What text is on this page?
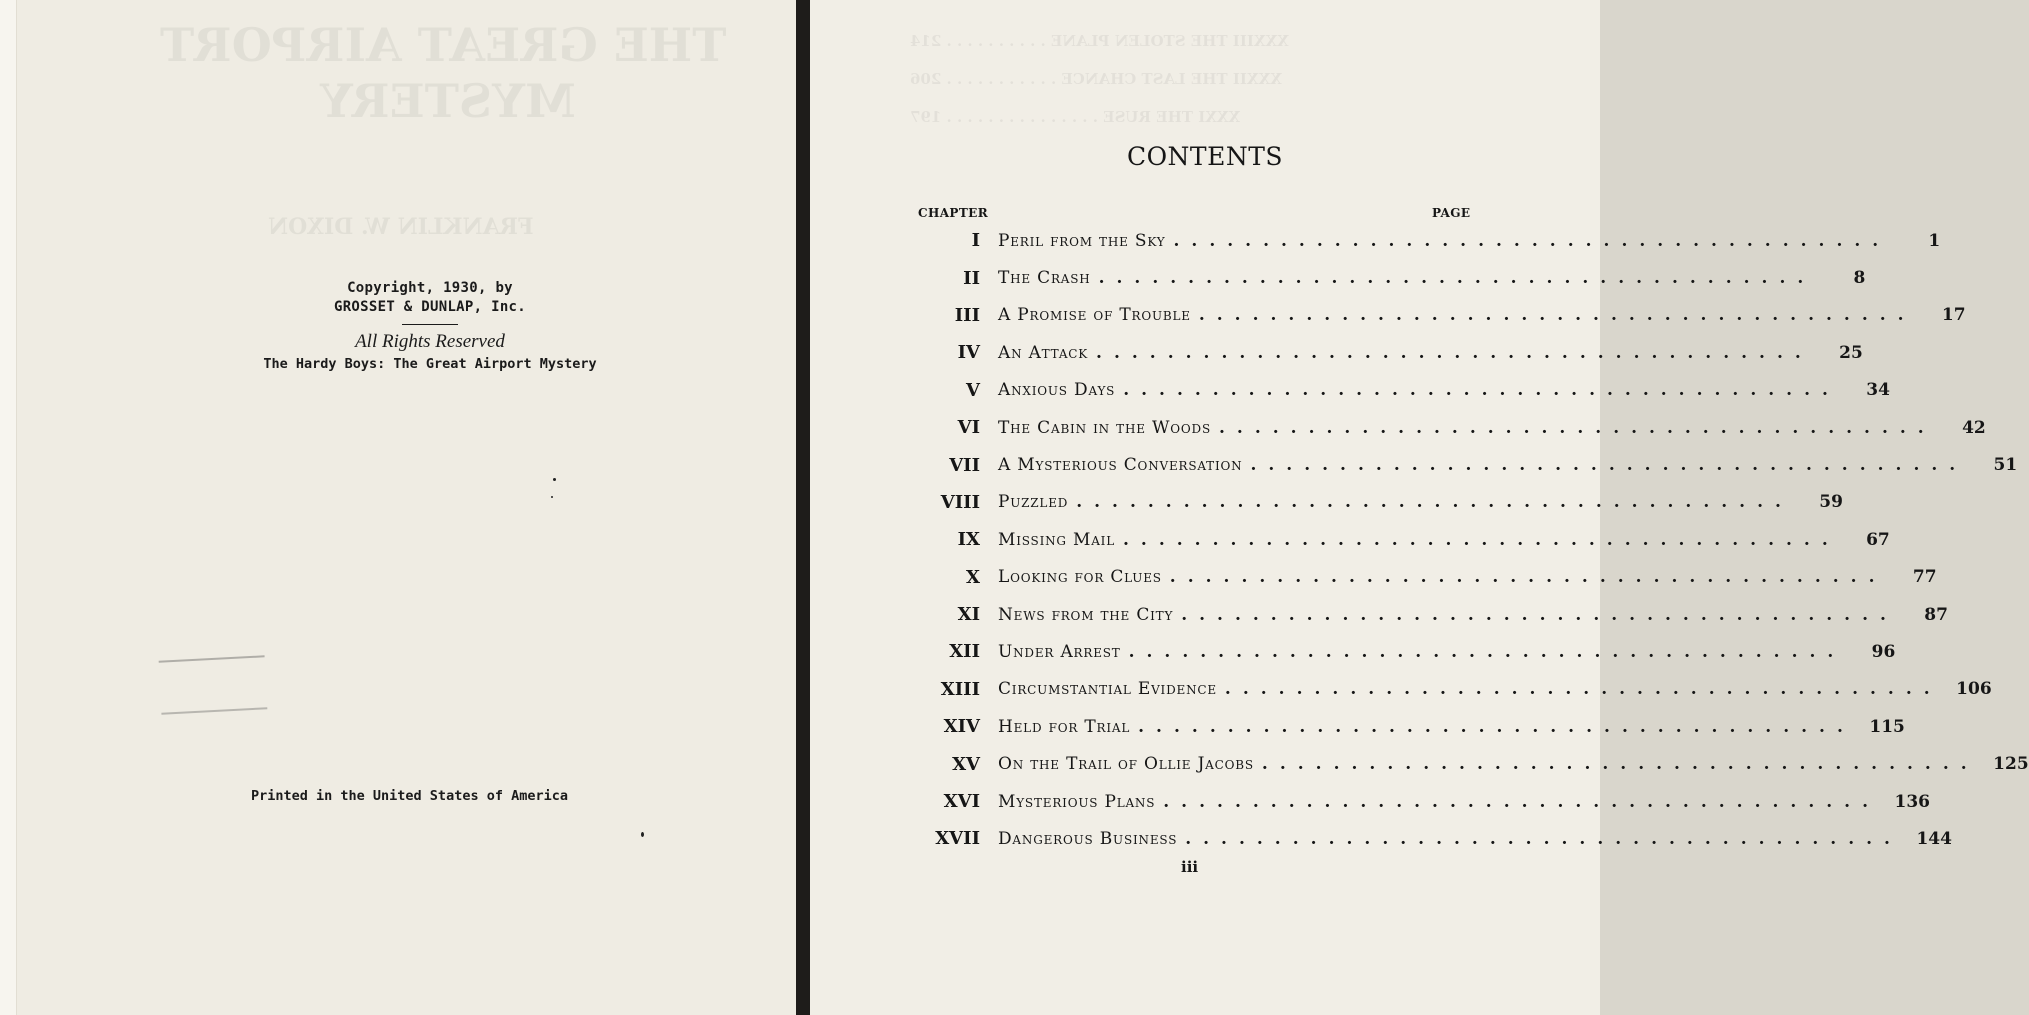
THE GREAT AIRPORT
MYSTERY
FRANKLIN W. DIXON
Copyright, 1930, by
GROSSET & DUNLAP, Inc.
All Rights Reserved
The Hardy Boys: The Great Airport Mystery
Printed in the United States of America
XXXIII THE STOLEN PLANE . . . . . . . . . . 214
XXXII THE LAST CHANCE . . . . . . . . . . . 206
XXXI THE RUSE . . . . . . . . . . . . . . . 197
CONTENTS
CHAPTER	PAGE
I	Peril from the Sky ........................................	1
II	The Crash ........................................	8
III	A Promise of Trouble ........................................	17
IV	An Attack ........................................	25
V	Anxious Days ........................................	34
VI	The Cabin in the Woods ........................................	42
VII	A Mysterious Conversation ........................................	51
VIII	Puzzled ........................................	59
IX	Missing Mail ........................................	67
X	Looking for Clues ........................................	77
XI	News from the City ........................................	87
XII	Under Arrest ........................................	96
XIII	Circumstantial Evidence ........................................ 106
XIV	Held for Trial ........................................ 115
XV	On the Trail of Ollie Jacobs ........................................ 125
XVI	Mysterious Plans ........................................ 136
XVII	Dangerous Business ........................................ 144
iii
